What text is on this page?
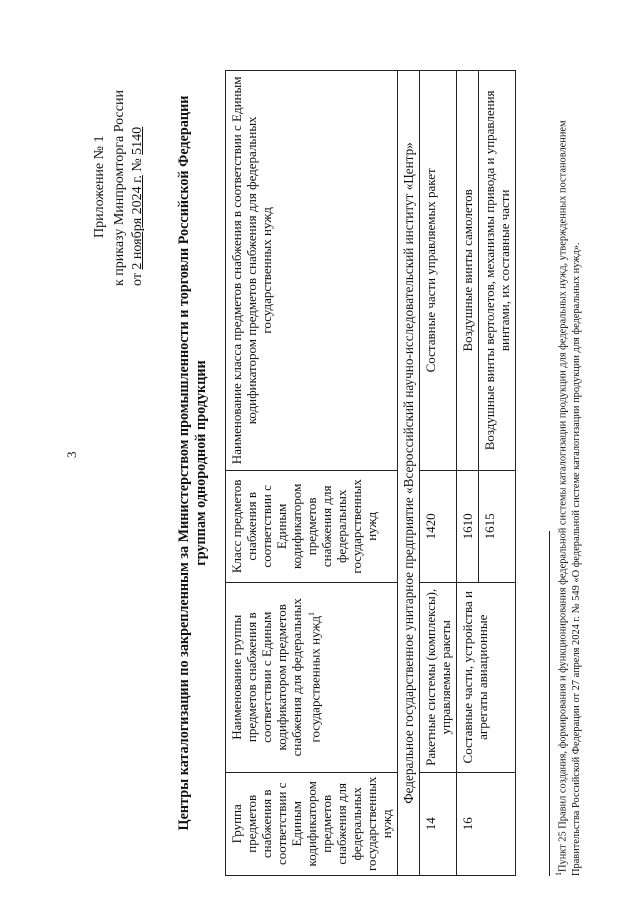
3
Приложение № 1 к приказу Минпромторга России от 2 ноября 2024 г. № 5140 Центры каталогизации по закрепленным за Министерством промышленности и торговли Российской Федерации группам однородной продукции
Группа предметов снабжения в соответствии с Единым кодификатором предметов снабжения для федеральных государственных нужд	Наименование группы предметов снабжения в соответствии с Единым кодификатором предметов снабжения для федеральных государственных нужд$^1$	Класс предметов снабжения в соответствии с Единым кодификатором предметов снабжения для федеральных государственных нужд	Наименование класса предметов снабжения в соответствии с Единым кодификатором предметов снабжения для федеральных государственных нужд
Федеральное государственное унитарное предприятие «Всероссийский научно-исследовательский институт «Центр»			
14	Ракетные системы (комплексы), управляемые ракеты	1420	Составные части управляемых ракет
16	Составные части, устройства и агрегаты авиационные	1610	Воздушные винты самолетов
		1615	Воздушные винты вертолетов, механизмы привода и управления винтами, их составные части
$^1$Пункт 25 Правил создания, формирования и функционирования федеральной системы каталогизации продукции для федеральных нужд, утвержденных постановлением Правительства Российской Федерации от 27 апреля 2024 г. № 549 «О федеральной системе каталогизации продукции для федеральных нужд».
